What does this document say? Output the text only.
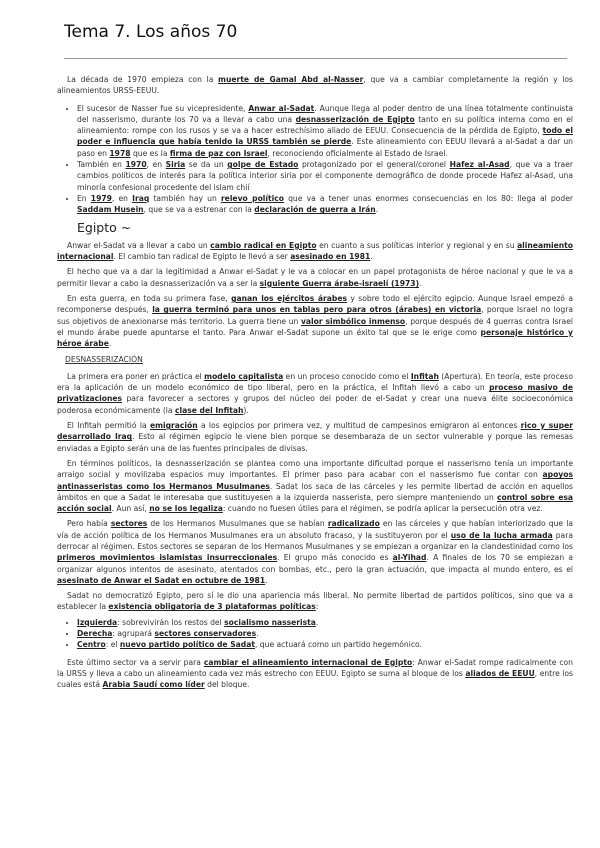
Tema 7. Los años 70

La década de 1970 empieza con la muerte de Gamal Abd al-Nasser, que va a cambiar completamente la región y los alineamientos URSS-EEUU.

• El sucesor de Nasser fue su vicepresidente, Anwar al-Sadat. Aunque llega al poder dentro de una línea totalmente continuista del nasserismo, durante los 70 va a llevar a cabo una desnasserización de Egipto tanto en su política interna como en el alineamiento: rompe con los rusos y se va a hacer estrechísimo aliado de EEUU. Consecuencia de la pérdida de Egipto, todo el poder e influencia que había tenido la URSS también se pierde. Este alineamiento con EEUU llevará a al-Sadat a dar un paso en 1978 que es la firma de paz con Israel, reconociendo oficialmente al Estado de Israel.
• También en 1970, en Siria se da un golpe de Estado protagonizado por el general/coronel Hafez al-Asad, que va a traer cambios políticos de interés para la política interior siria por el componente demográfico de donde procede Hafez al-Asad, una minoría confesional procedente del islam chií
• En 1979, en Iraq también hay un relevo político que va a tener unas enormes consecuencias en los 80: llega al poder Saddam Husein, que se va a estrenar con la declaración de guerra a Irán.
Egipto ~

Anwar el-Sadat va a llevar a cabo un cambio radical en Egipto en cuanto a sus políticas interior y regional y en su alineamiento internacional. El cambio tan radical de Egipto le llevó a ser asesinado en 1981.

El hecho que va a dar la legitimidad a Anwar el-Sadat y le va a colocar en un papel protagonista de héroe nacional y que le va a permitir llevar a cabo la desnasserización va a ser la siguiente Guerra árabe-israelí (1973).

En esta guerra, en toda su primera fase, ganan los ejércitos árabes y sobre todo el ejército egipcio. Aunque Israel empezó a recomponerse después, la guerra terminó para unos en tablas pero para otros (árabes) en victoria, porque Israel no logra sus objetivos de anexionarse más territorio. La guerra tiene un valor simbólico inmenso, porque después de 4 guerras contra Israel el mundo árabe puede apuntarse el tanto. Para Anwar el-Sadat supone un éxito tal que se le erige como personaje histórico y héroe árabe.

DESNASSERIZACIÓN

La primera era poner en práctica el modelo capitalista en un proceso conocido como el Infitah (Apertura). En teoría, este proceso era la aplicación de un modelo económico de tipo liberal, pero en la práctica, el Infitah llevó a cabo un proceso masivo de privatizaciones para favorecer a sectores y grupos del núcleo del poder de el-Sadat y crear una nueva élite socioeconómica poderosa económicamente (la clase del Infitah).

El Infitah permitió la emigración a los egipcios por primera vez, y multitud de campesinos emigraron al entonces rico y super desarrollado Iraq. Esto al régimen egipcio le viene bien porque se desembaraza de un sector vulnerable y porque las remesas enviadas a Egipto serán una de las fuentes principales de divisas.

En términos políticos, la desnasserización se plantea como una importante dificultad porque el nasserismo tenía un importante arraigo social y movilizaba espacios muy importantes. El primer paso para acabar con el nasserismo fue contar con apoyos antinasseristas como los Hermanos Musulmanes. Sadat los saca de las cárceles y les permite libertad de acción en aquellos ámbitos en que a Sadat le interesaba que sustituyesen a la izquierda nasserista, pero siempre manteniendo un control sobre esa acción social. Aun así, no se los legaliza: cuando no fuesen útiles para el régimen, se podría aplicar la persecución otra vez.

Pero había sectores de los Hermanos Musulmanes que se habían radicalizado en las cárceles y que habían interiorizado que la vía de acción política de los Hermanos Musulmanes era un absoluto fracaso, y la sustituyeron por el uso de la lucha armada para derrocar al régimen. Estos sectores se separan de los Hermanos Musulmanes y se empiezan a organizar en la clandestinidad como los primeros movimientos islamistas insurreccionales. El grupo más conocido es al-Yihad. A finales de los 70 se empiezan a organizar algunos intentos de asesinato, atentados con bombas, etc., pero la gran actuación, que impacta al mundo entero, es el asesinato de Anwar el Sadat en octubre de 1981.

Sadat no democratizó Egipto, pero sí le dio una apariencia más liberal. No permite libertad de partidos políticos, sino que va a establecer la existencia obligatoria de 3 plataformas políticas:

• Izquierda: sobrevivirán los restos del socialismo nasserista.
• Derecha: agrupará sectores conservadores.
• Centro: el nuevo partido político de Sadat, que actuará como un partido hegemónico.

Este último sector va a servir para cambiar el alineamiento internacional de Egipto: Anwar el-Sadat rompe radicalmente con la URSS y lleva a cabo un alineamiento cada vez más estrecho con EEUU. Egipto se suma al bloque de los aliados de EEUU, entre los cuales está Arabia Saudí como líder del bloque.
